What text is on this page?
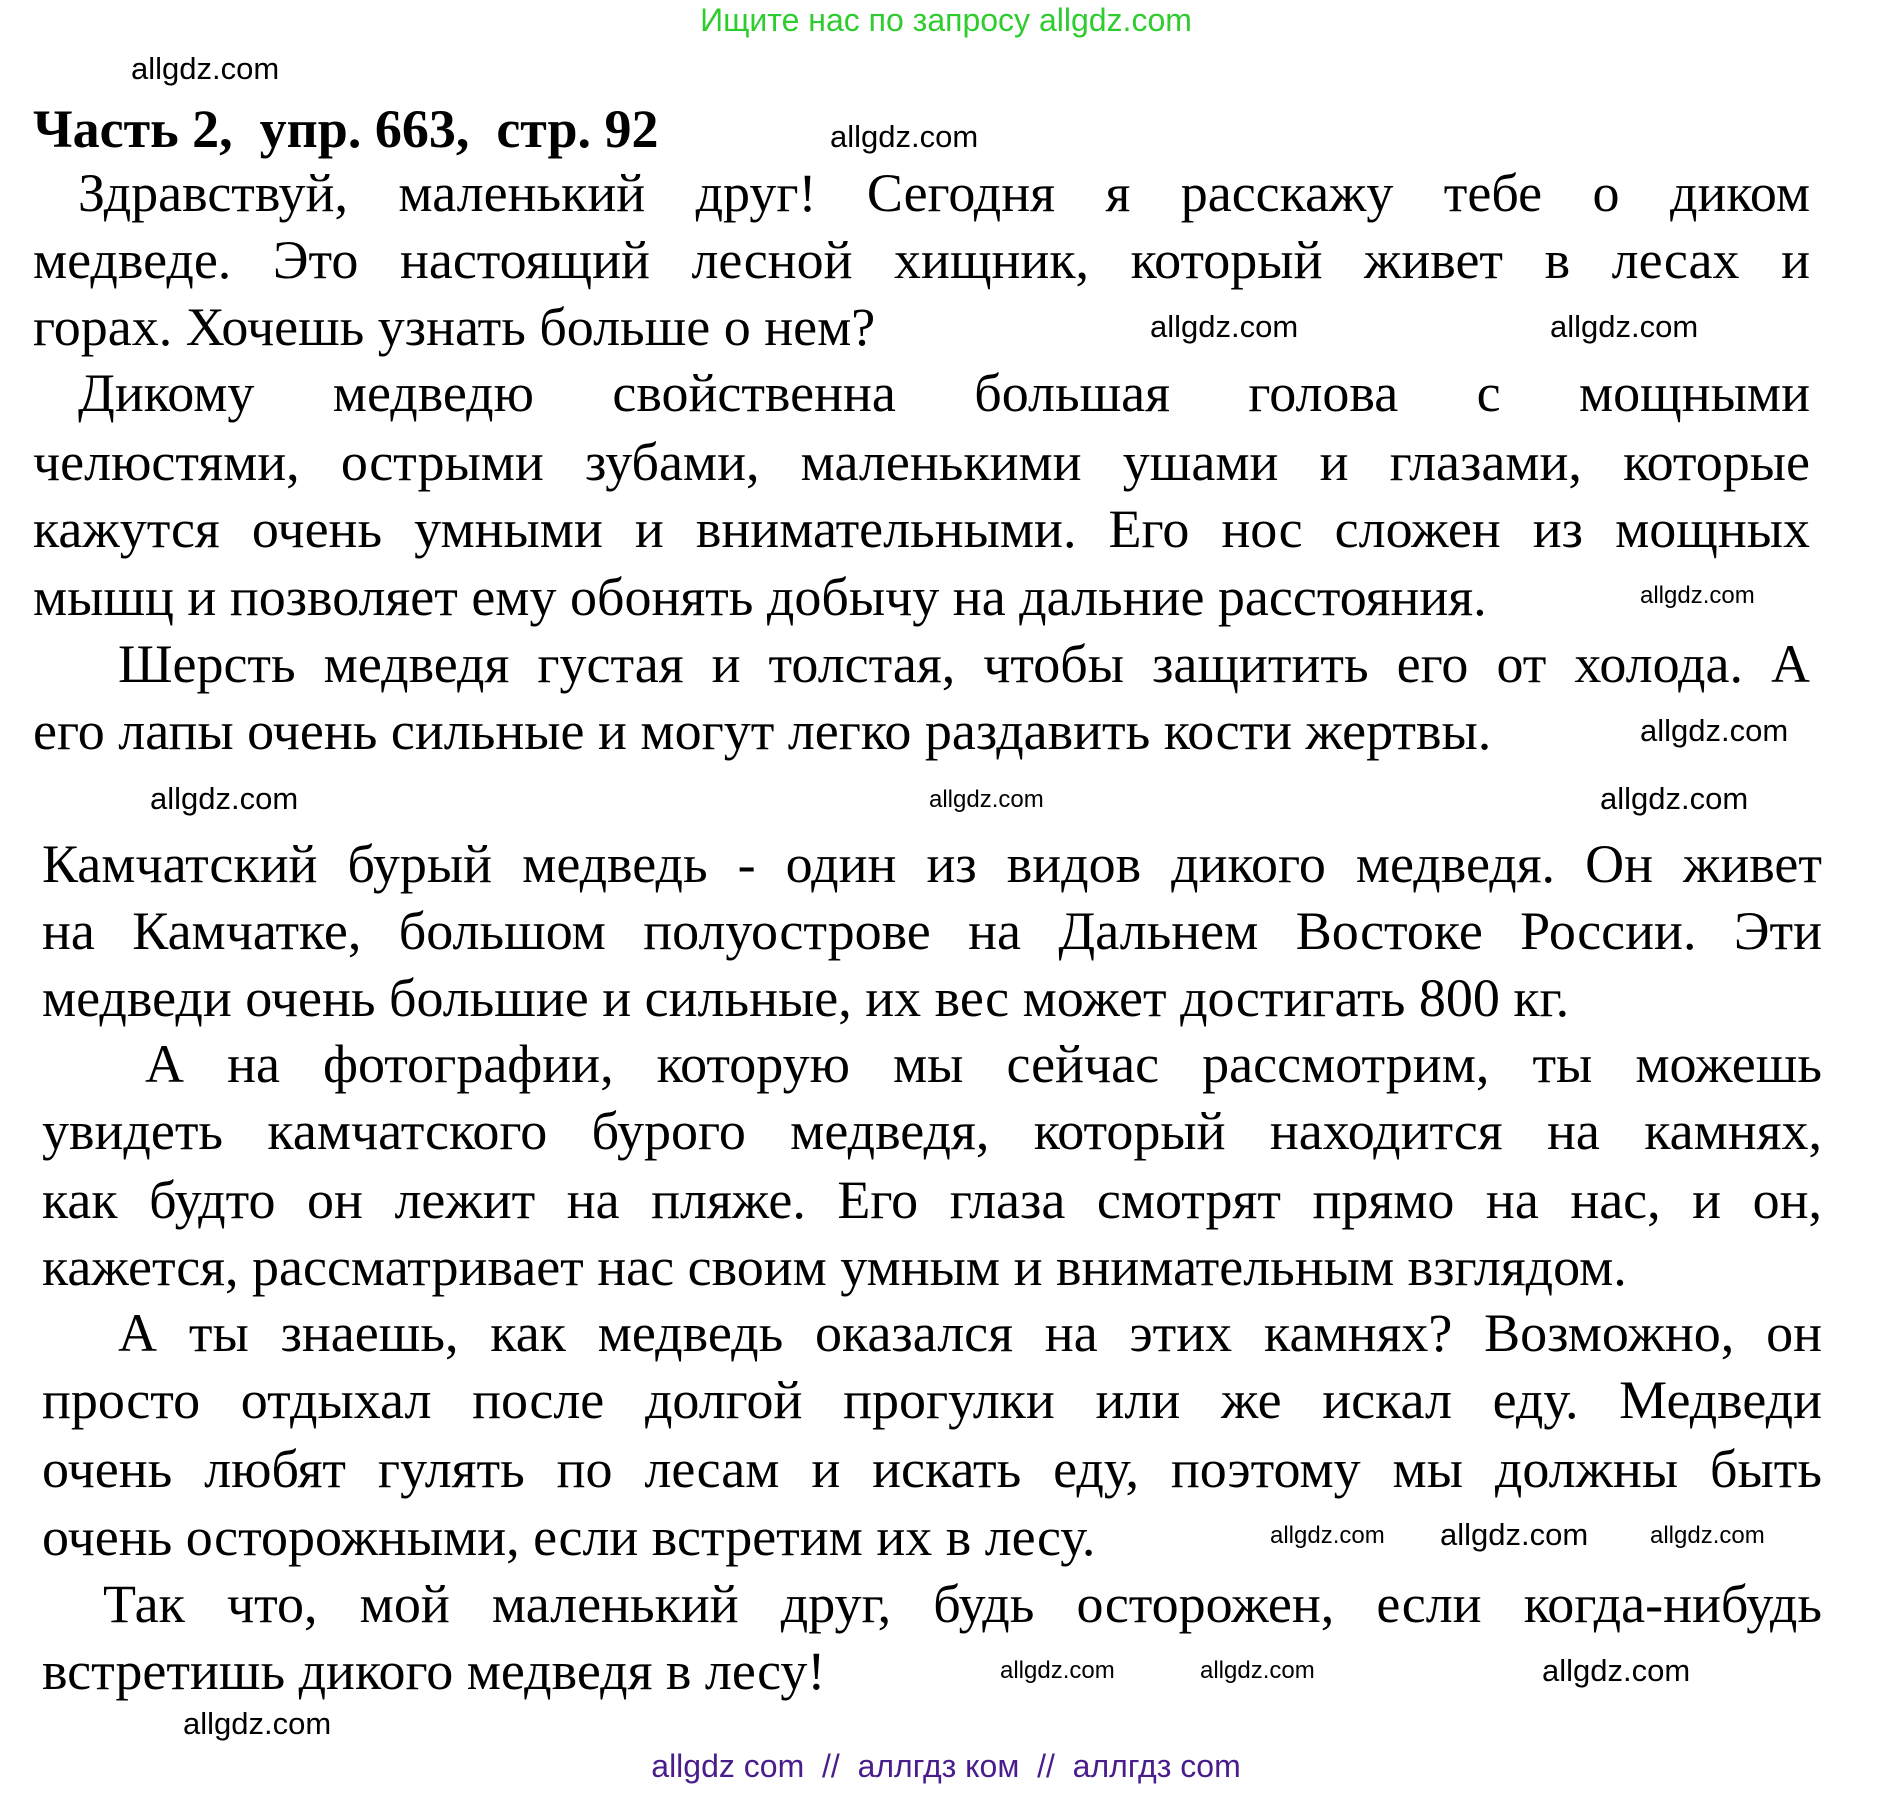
Ищите нас по запросу allgdz.com
Часть 2,  упр. 663,  стр. 92
Здравствуй, маленький друг! Сегодня я расскажу тебе о диком
медведе. Это настоящий лесной хищник, который живет в лесах и
горах. Хочешь узнать больше о нем?
Дикому медведю свойственна большая голова с мощными
челюстями, острыми зубами, маленькими ушами и глазами, которые
кажутся очень умными и внимательными. Его нос сложен из мощных
мышц и позволяет ему обонять добычу на дальние расстояния.
Шерсть медведя густая и толстая, чтобы защитить его от холода. А
его лапы очень сильные и могут легко раздавить кости жертвы.
Камчатский бурый медведь - один из видов дикого медведя. Он живет
на Камчатке, большом полуострове на Дальнем Востоке России. Эти
медведи очень большие и сильные, их вес может достигать 800 кг.
А на фотографии, которую мы сейчас рассмотрим, ты можешь
увидеть камчатского бурого медведя, который находится на камнях,
как будто он лежит на пляже. Его глаза смотрят прямо на нас, и он,
кажется, рассматривает нас своим умным и внимательным взглядом.
А ты знаешь, как медведь оказался на этих камнях? Возможно, он
просто отдыхал после долгой прогулки или же искал еду. Медведи
очень любят гулять по лесам и искать еду, поэтому мы должны быть
очень осторожными, если встретим их в лесу.
Так что, мой маленький друг, будь осторожен, если когда-нибудь
встретишь дикого медведя в лесу!
allgdz.com
allgdz.com
allgdz.com	allgdz.com
allgdz.com
allgdz.com
allgdz.com	allgdz.com	allgdz.com
allgdz.com	allgdz.com
allgdz.com	allgdz.com
allgdz.com
allgdz.com
allgdz.com
allgdz com  //  аллгдз ком  //  аллгдз com
